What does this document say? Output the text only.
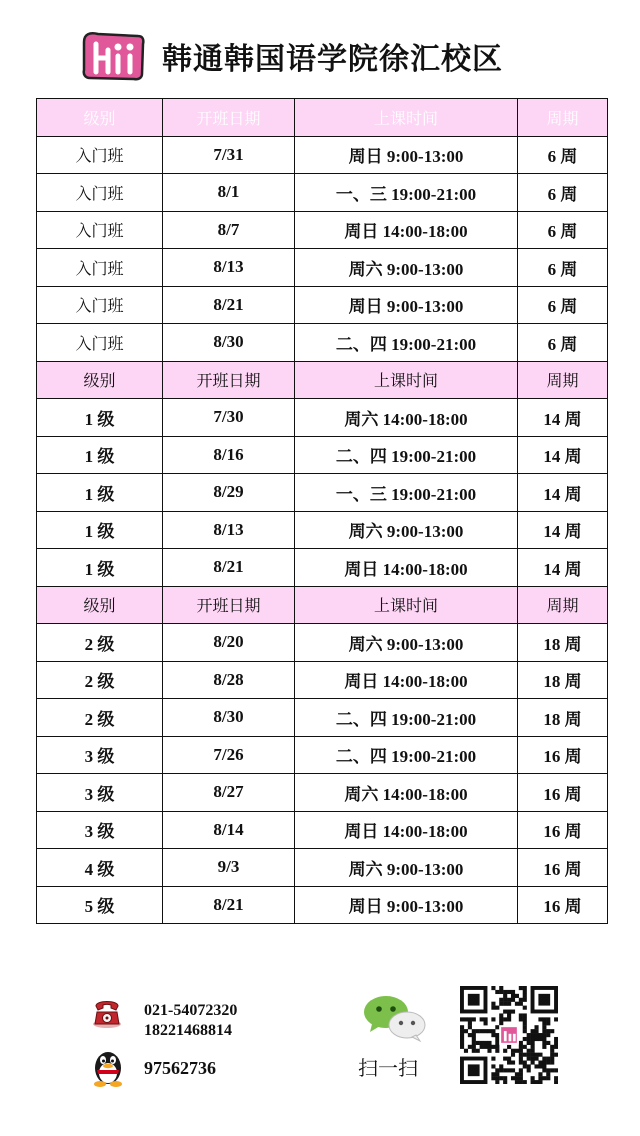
韩通韩国语学院徐汇校区
级别	开班日期	上课时间	周期
入门班	7/31	周日 9:00-13:00	6 周
入门班	8/1	一、三 19:00-21:00	6 周
入门班	8/7	周日 14:00-18:00	6 周
入门班	8/13	周六 9:00-13:00	6 周
入门班	8/21	周日 9:00-13:00	6 周
入门班	8/30	二、四 19:00-21:00	6 周
级别	开班日期	上课时间	周期
1 级	7/30	周六 14:00-18:00	14 周
1 级	8/16	二、四 19:00-21:00	14 周
1 级	8/29	一、三 19:00-21:00	14 周
1 级	8/13	周六 9:00-13:00	14 周
1 级	8/21	周日 14:00-18:00	14 周
级别	开班日期	上课时间	周期
2 级	8/20	周六 9:00-13:00	18 周
2 级	8/28	周日 14:00-18:00	18 周
2 级	8/30	二、四 19:00-21:00	18 周
3 级	7/26	二、四 19:00-21:00	16 周
3 级	8/27	周六 14:00-18:00	16 周
3 级	8/14	周日 14:00-18:00	16 周
4 级	9/3	周六 9:00-13:00	16 周
5 级	8/21	周日 9:00-13:00	16 周
021-54072320
18221468814
97562736	扫一扫
